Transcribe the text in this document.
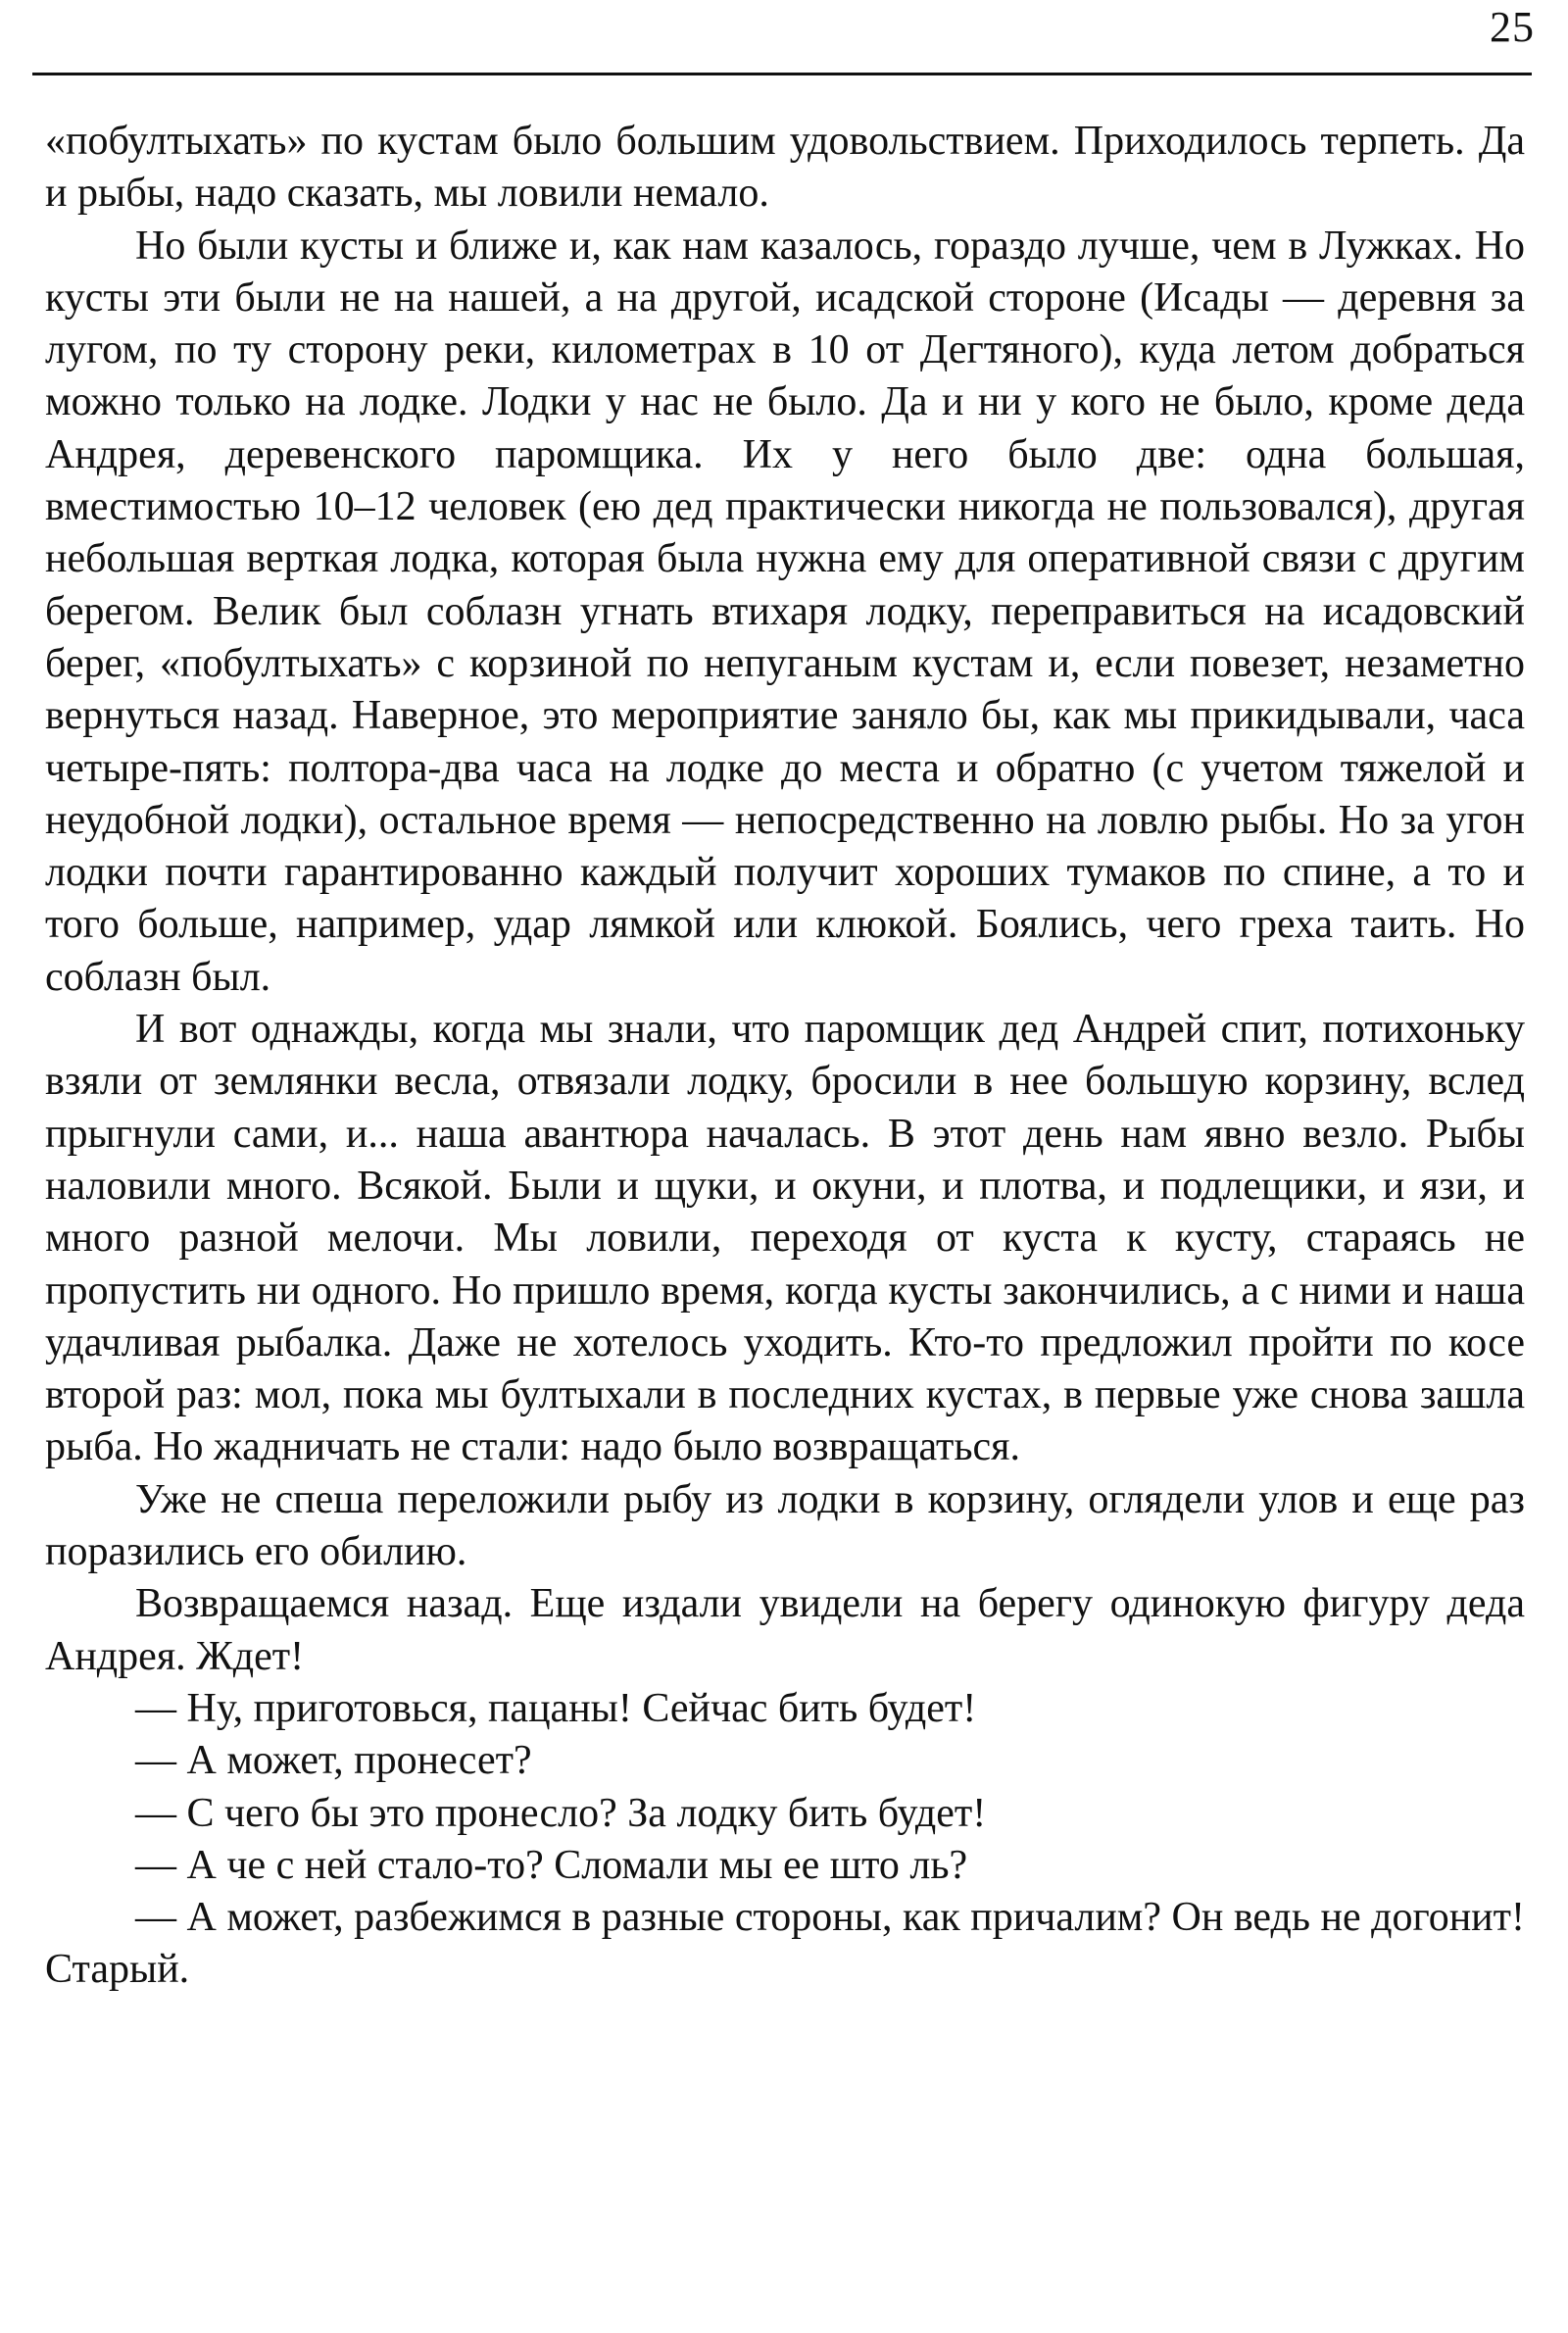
25

«побултыхать» по кустам было большим удовольствием. Приходилось терпеть. Да и рыбы, надо сказать, мы ловили немало.

Но были кусты и ближе и, как нам казалось, гораздо лучше, чем в Лужках. Но кусты эти были не на нашей, а на другой, исадской стороне (Исады — деревня за лугом, по ту сторону реки, километрах в 10 от Дегтяного), куда летом добраться можно только на лодке. Лодки у нас не было. Да и ни у кого не было, кроме деда Андрея, деревенского паромщика. Их у него было две: одна большая, вместимостью 10–12 человек (ею дед практически никогда не пользовался), другая небольшая верткая лодка, которая была нужна ему для оперативной связи с другим берегом. Велик был соблазн угнать втихаря лодку, переправиться на исадовский берег, «побултыхать» с корзиной по непуганым кустам и, если повезет, незаметно вернуться назад. Наверное, это мероприятие заняло бы, как мы прикидывали, часа четыре-пять: полтора-два часа на лодке до места и обратно (с учетом тяжелой и неудобной лодки), остальное время — непосредственно на ловлю рыбы. Но за угон лодки почти гарантированно каждый получит хороших тумаков по спине, а то и того больше, например, удар лямкой или клюкой. Боялись, чего греха таить. Но соблазн был.

И вот однажды, когда мы знали, что паромщик дед Андрей спит, потихоньку взяли от землянки весла, отвязали лодку, бросили в нее большую корзину, вслед прыгнули сами, и... наша авантюра началась. В этот день нам явно везло. Рыбы наловили много. Всякой. Были и щуки, и окуни, и плотва, и подлещики, и язи, и много разной мелочи. Мы ловили, переходя от куста к кусту, стараясь не пропустить ни одного. Но пришло время, когда кусты закончились, а с ними и наша удачливая рыбалка. Даже не хотелось уходить. Кто-то предложил пройти по косе второй раз: мол, пока мы бултыхали в последних кустах, в первые уже снова зашла рыба. Но жадничать не стали: надо было возвращаться.

Уже не спеша переложили рыбу из лодки в корзину, оглядели улов и еще раз поразились его обилию.

Возвращаемся назад. Еще издали увидели на берегу одинокую фигуру деда Андрея. Ждет!

— Ну, приготовься, пацаны! Сейчас бить будет!

— А может, пронесет?

— С чего бы это пронесло? За лодку бить будет!

— А че с ней стало-то? Сломали мы ее што ль?

— А может, разбежимся в разные стороны, как причалим? Он ведь не догонит! Старый.
